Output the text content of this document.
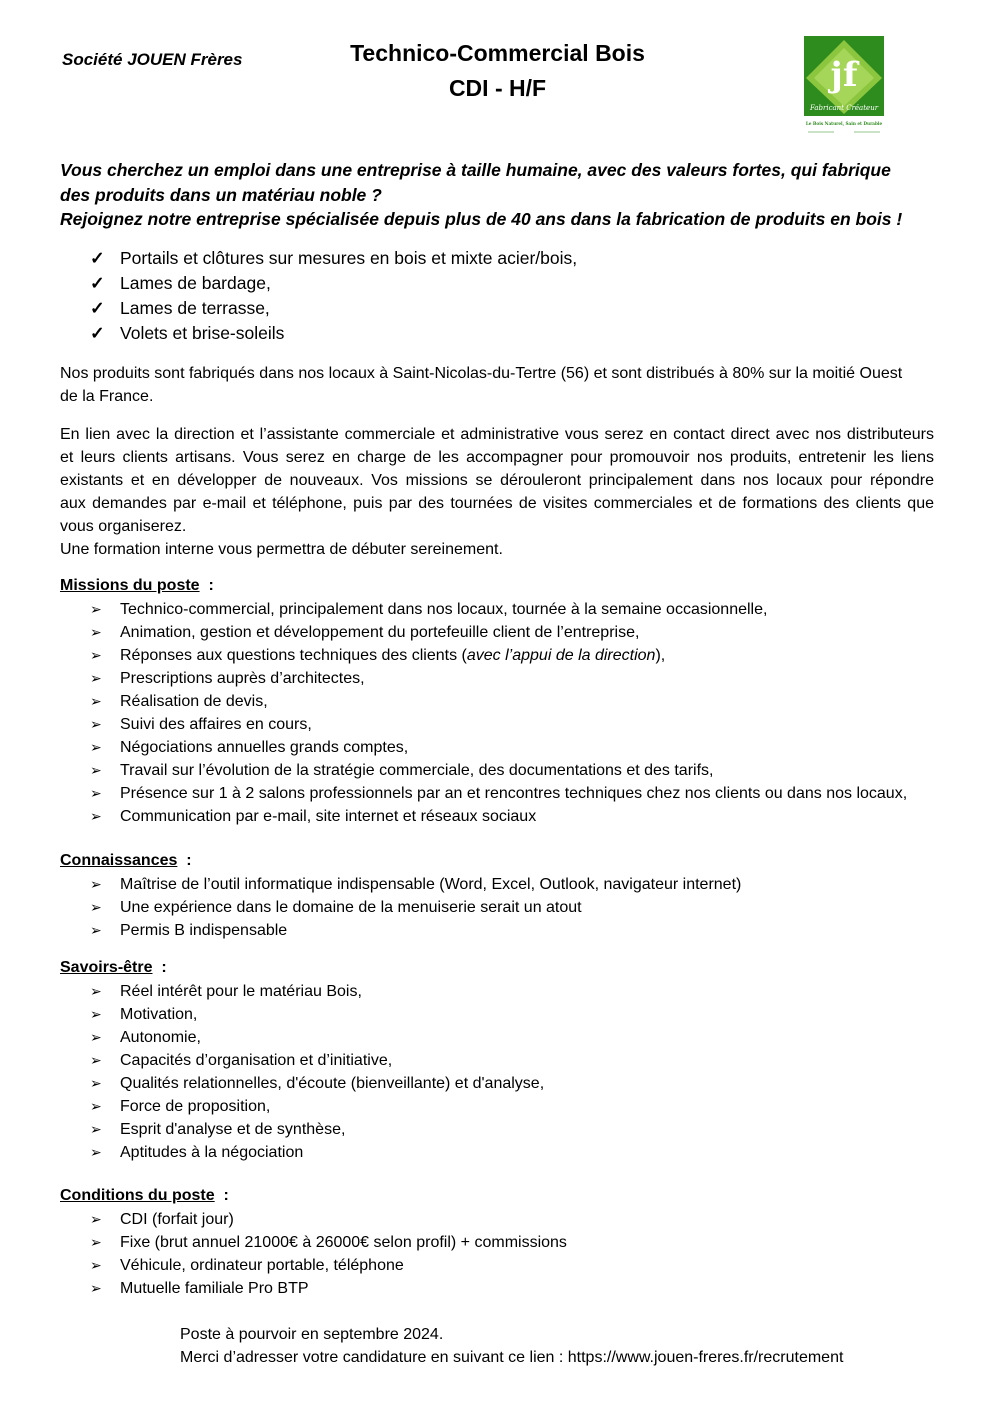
Société JOUEN Frères	Technico-Commercial Bois
CDI - H/F	jf
Fabricant Créateur
Le Bois Naturel, Sain et Durable
Vous cherchez un emploi dans une entreprise à taille humaine, avec des valeurs fortes, qui fabrique
des produits dans un matériau noble ?
Rejoignez notre entreprise spécialisée depuis plus de 40 ans dans la fabrication de produits en bois !
✓ Portails et clôtures sur mesures en bois et mixte acier/bois,
✓ Lames de bardage,
✓ Lames de terrasse,
✓ Volets et brise-soleils
Nos produits sont fabriqués dans nos locaux à Saint-Nicolas-du-Tertre (56) et sont distribués à 80% sur la moitié Ouest
de la France.
En lien avec la direction et l’assistante commerciale et administrative vous serez en contact direct avec nos distributeurs
et leurs clients artisans. Vous serez en charge de les accompagner pour promouvoir nos produits, entretenir les liens
existants et en développer de nouveaux. Vos missions se dérouleront principalement dans nos locaux pour répondre
aux demandes par e-mail et téléphone, puis par des tournées de visites commerciales et de formations des clients que
vous organiserez.
Une formation interne vous permettra de débuter sereinement.
Missions du poste :
➢ Technico-commercial, principalement dans nos locaux, tournée à la semaine occasionnelle,
➢ Animation, gestion et développement du portefeuille client de l’entreprise,
➢ Réponses aux questions techniques des clients (avec l’appui de la direction),
➢ Prescriptions auprès d’architectes,
➢ Réalisation de devis,
➢ Suivi des affaires en cours,
➢ Négociations annuelles grands comptes,
➢ Travail sur l’évolution de la stratégie commerciale, des documentations et des tarifs,
➢ Présence sur 1 à 2 salons professionnels par an et rencontres techniques chez nos clients ou dans nos locaux,
➢ Communication par e-mail, site internet et réseaux sociaux
Connaissances :
➢ Maîtrise de l’outil informatique indispensable (Word, Excel, Outlook, navigateur internet)
➢ Une expérience dans le domaine de la menuiserie serait un atout
➢ Permis B indispensable
Savoirs-être :
➢ Réel intérêt pour le matériau Bois,
➢ Motivation,
➢ Autonomie,
➢ Capacités d’organisation et d’initiative,
➢ Qualités relationnelles, d'écoute (bienveillante) et d'analyse,
➢ Force de proposition,
➢ Esprit d'analyse et de synthèse,
➢ Aptitudes à la négociation
Conditions du poste :
➢ CDI (forfait jour)
➢ Fixe (brut annuel 21000€ à 26000€ selon profil) + commissions
➢ Véhicule, ordinateur portable, téléphone
➢ Mutuelle familiale Pro BTP
Poste à pourvoir en septembre 2024.
Merci d’adresser votre candidature en suivant ce lien : https://www.jouen-freres.fr/recrutement
